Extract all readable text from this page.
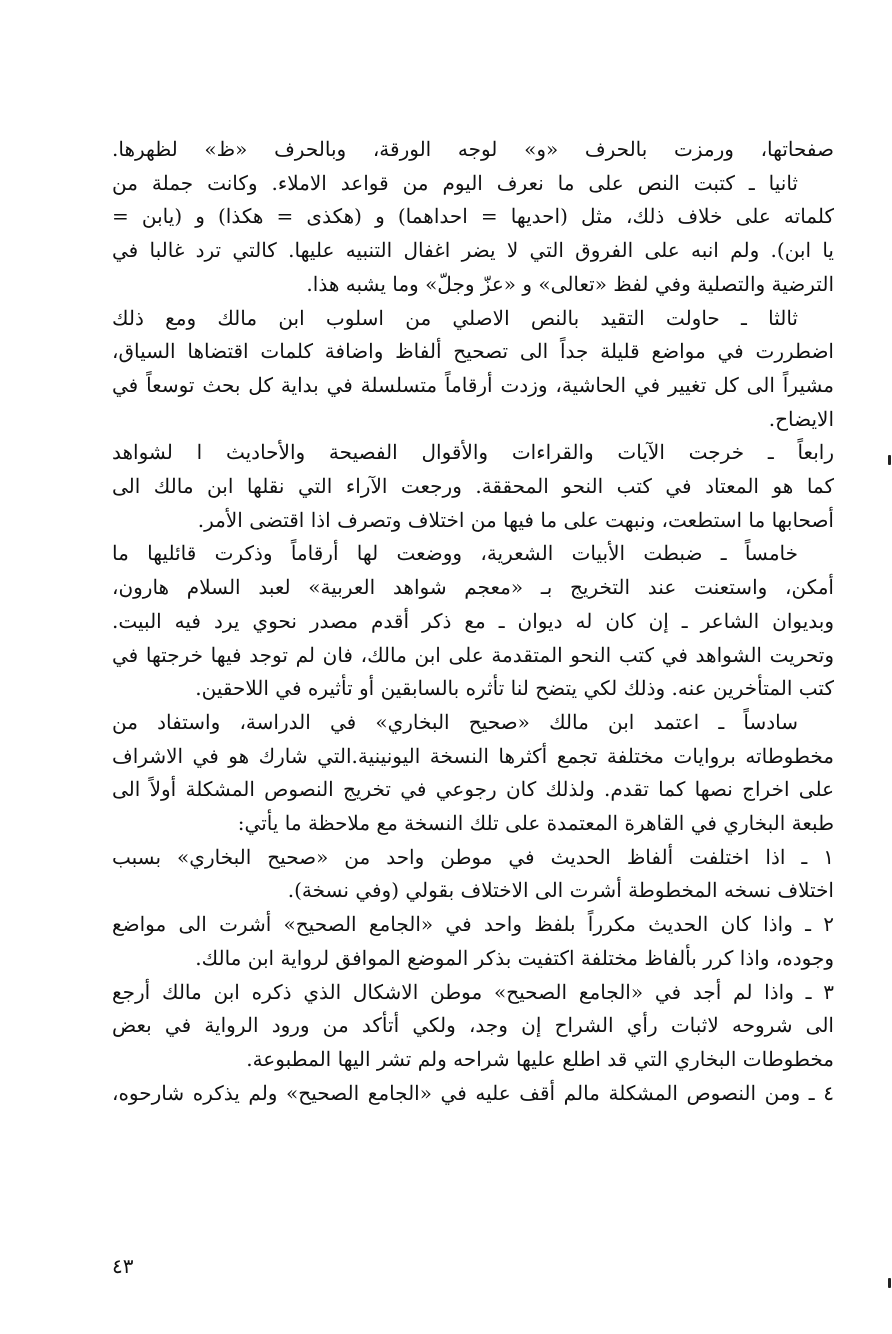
صفحاتها، ورمزت بالحرف «و» لوجه الورقة، وبالحرف «ظ» لظهرها.
ثانيا ـ كتبت النص على ما نعرف اليوم من قواعد الاملاء. وكانت جملة من
كلماته على خلاف ذلك، مثل (احديها = احداهما) و (هكذى = هكذا) و (يابن =
يا ابن). ولم انبه على الفروق التي لا يضر اغفال التنبيه عليها. كالتي ترد غالبا في
الترضية والتصلية وفي لفظ «تعالى» و «عزّ وجلّ» وما يشبه هذا.
ثالثا ـ حاولت التقيد بالنص الاصلي من اسلوب ابن مالك ومع ذلك
اضطررت في مواضع قليلة جداً الى تصحيح ألفاظ واضافة كلمات اقتضاها السياق،
مشيراً الى كل تغيير في الحاشية، وزدت أرقاماً متسلسلة في بداية كل بحث توسعاً في
الايضاح.
رابعاً ـ خرجت الآيات والقراءات والأقوال الفصيحة والأحاديث ا لشواهد
كما هو المعتاد في كتب النحو المحققة. ورجعت الآراء التي نقلها ابن مالك الى
أصحابها ما استطعت، ونبهت على ما فيها من اختلاف وتصرف اذا اقتضى الأمر.
خامساً ـ ضبطت الأبيات الشعرية، ووضعت لها أرقاماً وذكرت قائليها ما
أمكن، واستعنت عند التخريج بـ «معجم شواهد العربية» لعبد السلام هارون،
وبديوان الشاعر ـ إن كان له ديوان ـ مع ذكر أقدم مصدر نحوي يرد فيه البيت.
وتحريت الشواهد في كتب النحو المتقدمة على ابن مالك، فان لم توجد فيها خرجتها في
كتب المتأخرين عنه. وذلك لكي يتضح لنا تأثره بالسابقين أو تأثيره في اللاحقين.
سادساً ـ اعتمد ابن مالك «صحيح البخاري» في الدراسة، واستفاد من
مخطوطاته بروايات مختلفة تجمع أكثرها النسخة اليونينية.التي شارك هو في الاشراف
على اخراج نصها كما تقدم. ولذلك كان رجوعي في تخريج النصوص المشكلة أولاً الى
طبعة البخاري في القاهرة المعتمدة على تلك النسخة مع ملاحظة ما يأتي:
١ ـ اذا اختلفت ألفاظ الحديث في موطن واحد من «صحيح البخاري» بسبب
اختلاف نسخه المخطوطة أشرت الى الاختلاف بقولي (وفي نسخة).
٢ ـ واذا كان الحديث مكرراً بلفظ واحد في «الجامع الصحيح» أشرت الى مواضع
وجوده، واذا كرر بألفاظ مختلفة اكتفيت بذكر الموضع الموافق لرواية ابن مالك.
٣ ـ واذا لم أجد في «الجامع الصحيح» موطن الاشكال الذي ذكره ابن مالك أرجع
الى شروحه لاثبات رأي الشراح إن وجد، ولكي أتأكد من ورود الرواية في بعض
مخطوطات البخاري التي قد اطلع عليها شراحه ولم تشر اليها المطبوعة.
٤ ـ ومن النصوص المشكلة مالم أقف عليه في «الجامع الصحيح» ولم يذكره شارحوه،
٤٣
